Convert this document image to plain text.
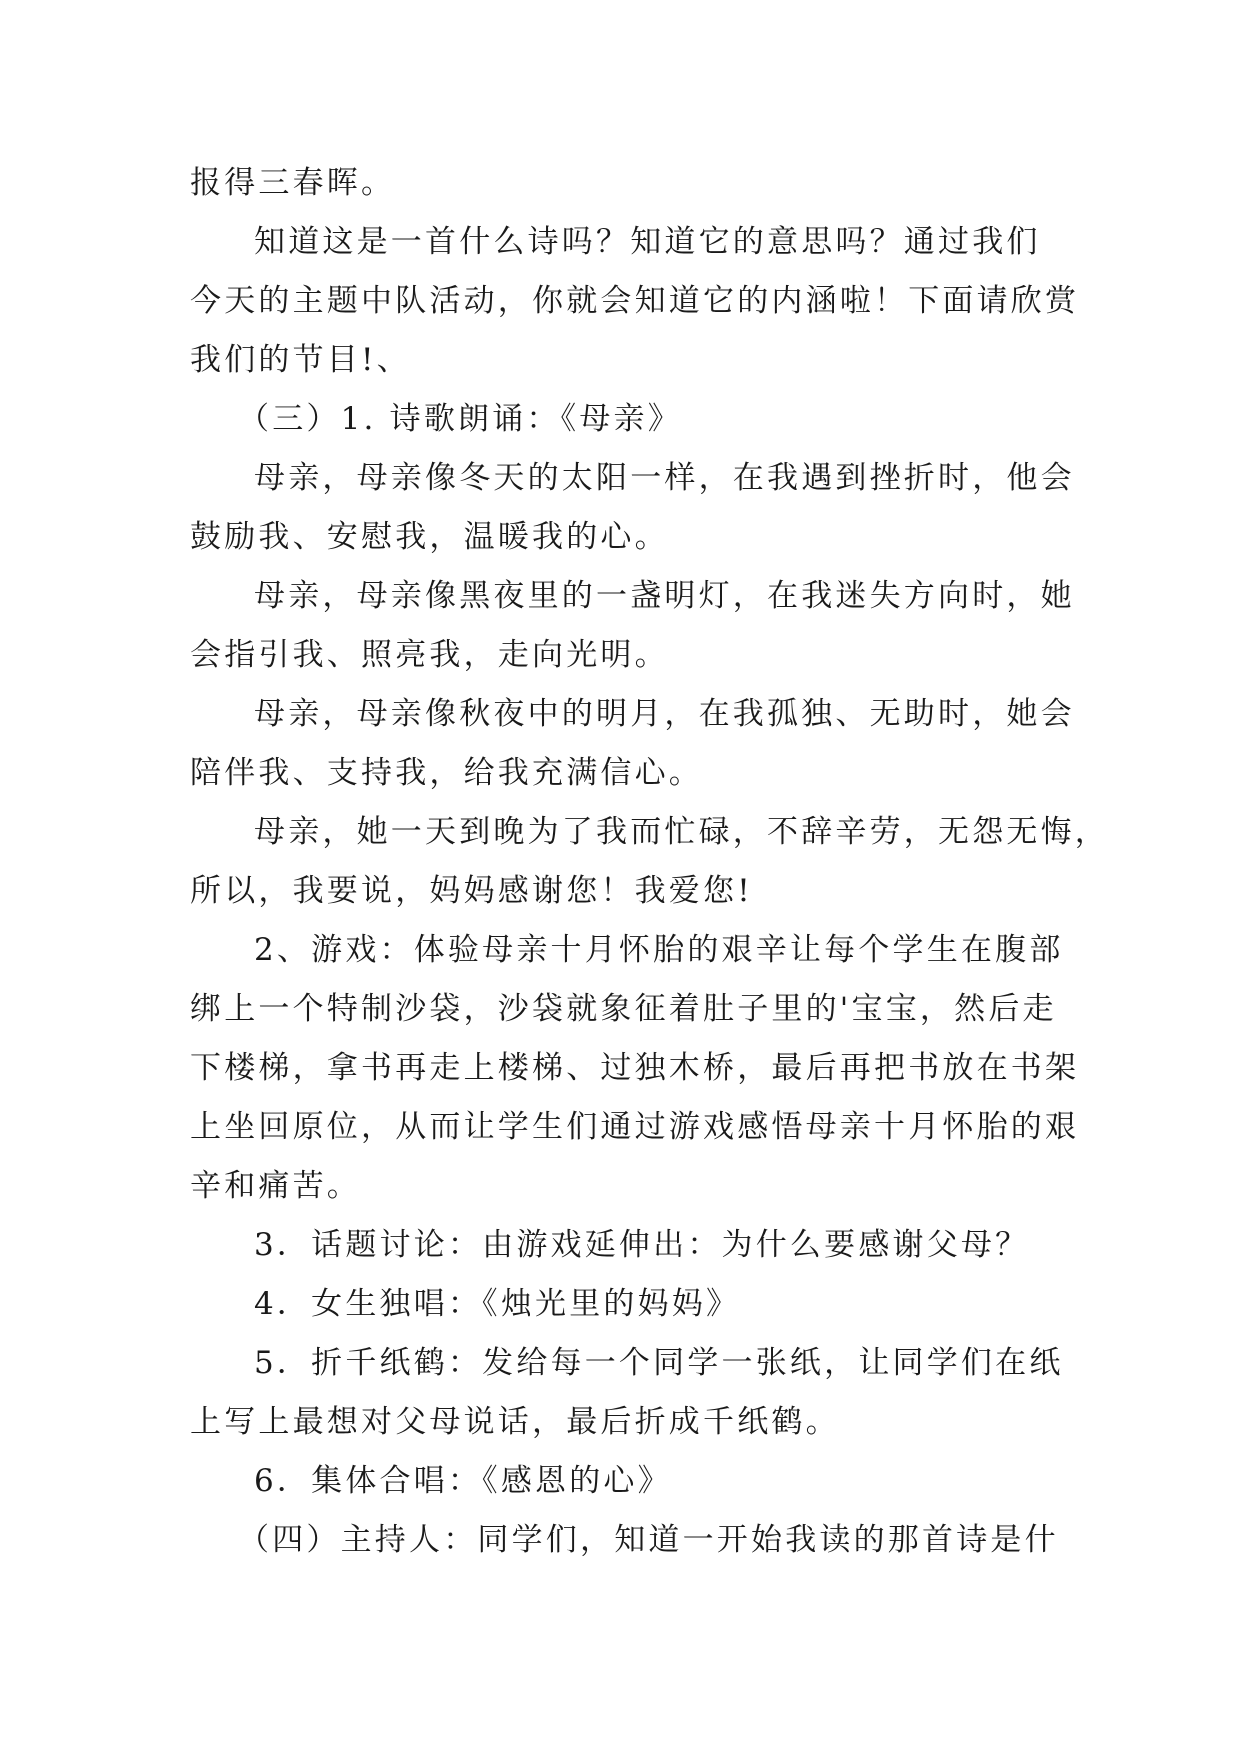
报得三春晖。
知道这是一首什么诗吗？知道它的意思吗？通过我们
今天的主题中队活动，你就会知道它的内涵啦！下面请欣赏
我们的节目!、
（三）1. 诗歌朗诵：《母亲》
母亲，母亲像冬天的太阳一样，在我遇到挫折时，他会
鼓励我、安慰我，温暖我的心。
母亲，母亲像黑夜里的一盏明灯，在我迷失方向时，她
会指引我、照亮我，走向光明。
母亲，母亲像秋夜中的明月，在我孤独、无助时，她会
陪伴我、支持我，给我充满信心。
母亲，她一天到晚为了我而忙碌，不辞辛劳，无怨无悔，
所以，我要说，妈妈感谢您！我爱您!
2、游戏：体验母亲十月怀胎的艰辛让每个学生在腹部
绑上一个特制沙袋，沙袋就象征着肚子里的'宝宝，然后走
下楼梯，拿书再走上楼梯、过独木桥，最后再把书放在书架
上坐回原位，从而让学生们通过游戏感悟母亲十月怀胎的艰
辛和痛苦。
3．话题讨论：由游戏延伸出：为什么要感谢父母？
4．女生独唱：《烛光里的妈妈》
5．折千纸鹤：发给每一个同学一张纸，让同学们在纸
上写上最想对父母说话，最后折成千纸鹤。
6．集体合唱：《感恩的心》
（四）主持人：同学们，知道一开始我读的那首诗是什
